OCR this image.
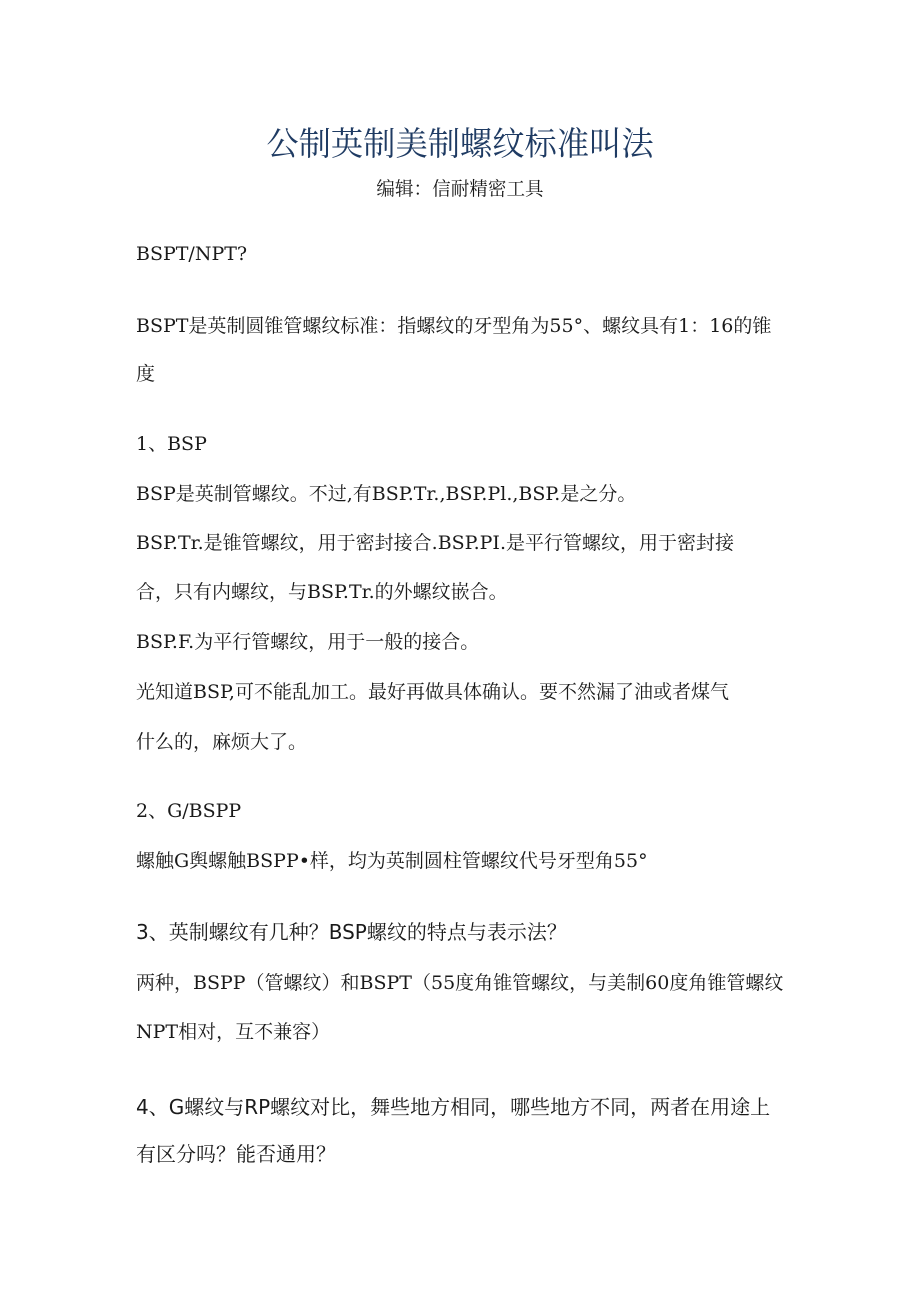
公制英制美制螺纹标准叫法
编辑：信耐精密工具
BSPT/NPT?
BSPT是英制圆锥管螺纹标准：指螺纹的牙型角为55°、螺纹具有1：16的锥
度
1、BSP
BSP是英制管螺纹。不过,有BSP.Tr.,BSP.Pl.,BSP.是之分。
BSP.Tr.是锥管螺纹，用于密封接合.BSP.PI.是平行管螺纹，用于密封接
合，只有内螺纹，与BSP.Tr.的外螺纹嵌合。
BSP.F.为平行管螺纹，用于一般的接合。
光知道BSP,可不能乱加工。最好再做具体确认。要不然漏了油或者煤气
什么的，麻烦大了。
2、G/BSPP
螺触G舆螺触BSPP•样，均为英制圆柱管螺纹代号牙型角55°
3、英制螺纹有几种？BSP螺纹的特点与表示法？
两种，BSPP（管螺纹）和BSPT（55度角锥管螺纹，与美制60度角锥管螺纹
NPT相对，互不兼容）
4、G螺纹与RP螺纹对比，舞些地方相同，哪些地方不同，两者在用途上
有区分吗？能否通用？
